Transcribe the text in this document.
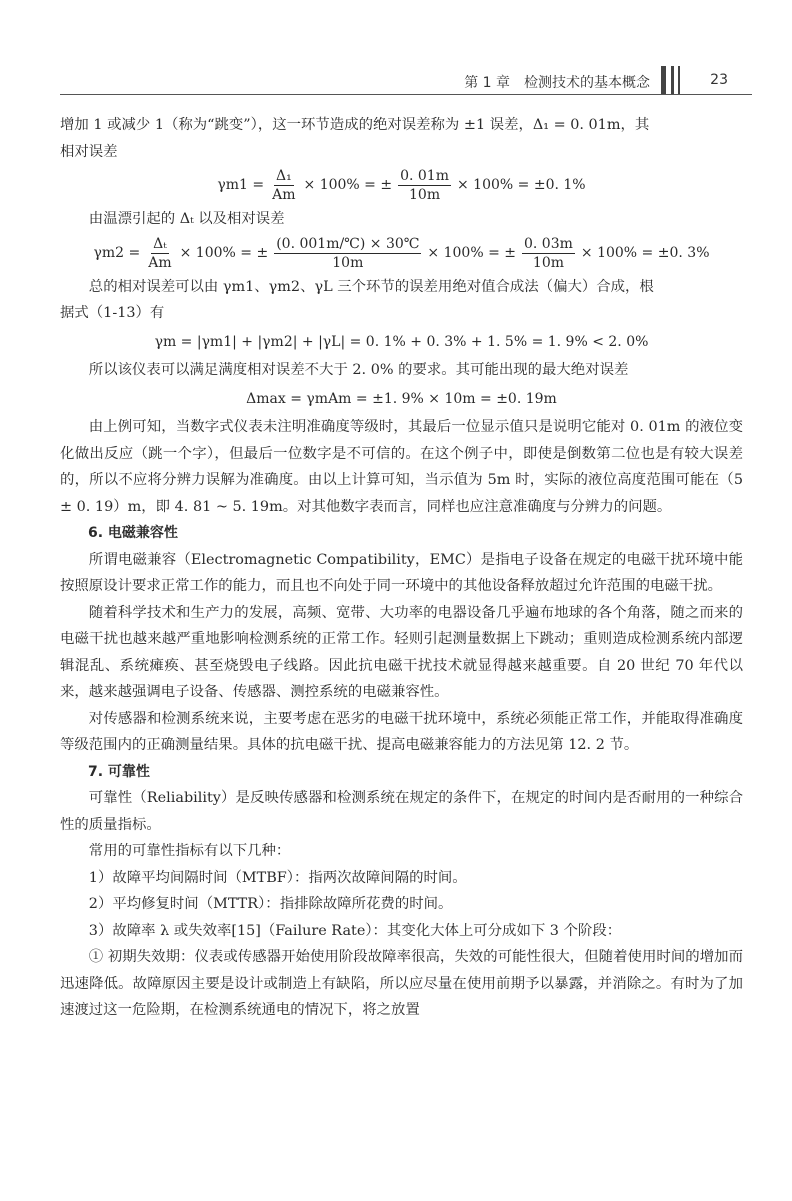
第 1 章　检测技术的基本概念	23

增加 1 或减少 1（称为“跳变”），这一环节造成的绝对误差称为 ±1 误差，Δ₁ = 0. 01m，其

相对误差

$\gamma m1 = \frac{\text{Δ₁}}{Am} \times 100\%$ = ± $\frac{0. 01m}{10m} \times 100\% = \pm 0$. 1%

由温漂引起的 Δₜ 以及相对误差

$\gamma m2 = \frac{\text{Δₜ}}{Am} \times 100\%$ = ± $\frac{(0. 001m/℃) \times 30℃}{10m} \times 100\%$ = ± $\frac{0. 03m}{10m} \times 100\% = \pm 0$. 3%

总的相对误差可以由 γm1、γm2、γL 三个环节的误差用绝对值合成法（偏大）合成，根

据式（1-13）有

γm = |γm1| + |γm2| + |γL| = 0. 1% + 0. 3% + 1. 5% = 1. 9% < 2. 0%

所以该仪表可以满足满度相对误差不大于 2. 0% 的要求。其可能出现的最大绝对误差

Δmax = γmAm = ±1. 9% × 10m = ±0. 19m

由上例可知，当数字式仪表未注明准确度等级时，其最后一位显示值只是说明它能对 0. 01m 的液位变化做出反应（跳一个字），但最后一位数字是不可信的。在这个例子中，即使是倒数第二位也是有较大误差的，所以不应将分辨力误解为准确度。由以上计算可知，当示值为 5m 时，实际的液位高度范围可能在（5 ± 0. 19）m，即 4. 81 ~ 5. 19m。对其他数字表而言，同样也应注意准确度与分辨力的问题。

6. 电磁兼容性

所谓电磁兼容（Electromagnetic Compatibility，EMC）是指电子设备在规定的电磁干扰环境中能按照原设计要求正常工作的能力，而且也不向处于同一环境中的其他设备释放超过允许范围的电磁干扰。

随着科学技术和生产力的发展，高频、宽带、大功率的电器设备几乎遍布地球的各个角落，随之而来的电磁干扰也越来越严重地影响检测系统的正常工作。轻则引起测量数据上下跳动；重则造成检测系统内部逻辑混乱、系统瘫痪、甚至烧毁电子线路。因此抗电磁干扰技术就显得越来越重要。自 20 世纪 70 年代以来，越来越强调电子设备、传感器、测控系统的电磁兼容性。

对传感器和检测系统来说，主要考虑在恶劣的电磁干扰环境中，系统必须能正常工作，并能取得准确度等级范围内的正确测量结果。具体的抗电磁干扰、提高电磁兼容能力的方法见第 12. 2 节。

7. 可靠性

可靠性（Reliability）是反映传感器和检测系统在规定的条件下，在规定的时间内是否耐用的一种综合性的质量指标。

常用的可靠性指标有以下几种：

1）故障平均间隔时间（MTBF）：指两次故障间隔的时间。

2）平均修复时间（MTTR）：指排除故障所花费的时间。

3）故障率 λ 或失效率[15]（Failure Rate）：其变化大体上可分成如下 3 个阶段：

① 初期失效期：仪表或传感器开始使用阶段故障率很高，失效的可能性很大，但随着使用时间的增加而迅速降低。故障原因主要是设计或制造上有缺陷，所以应尽量在使用前期予以暴露，并消除之。有时为了加速渡过这一危险期，在检测系统通电的情况下，将之放置
